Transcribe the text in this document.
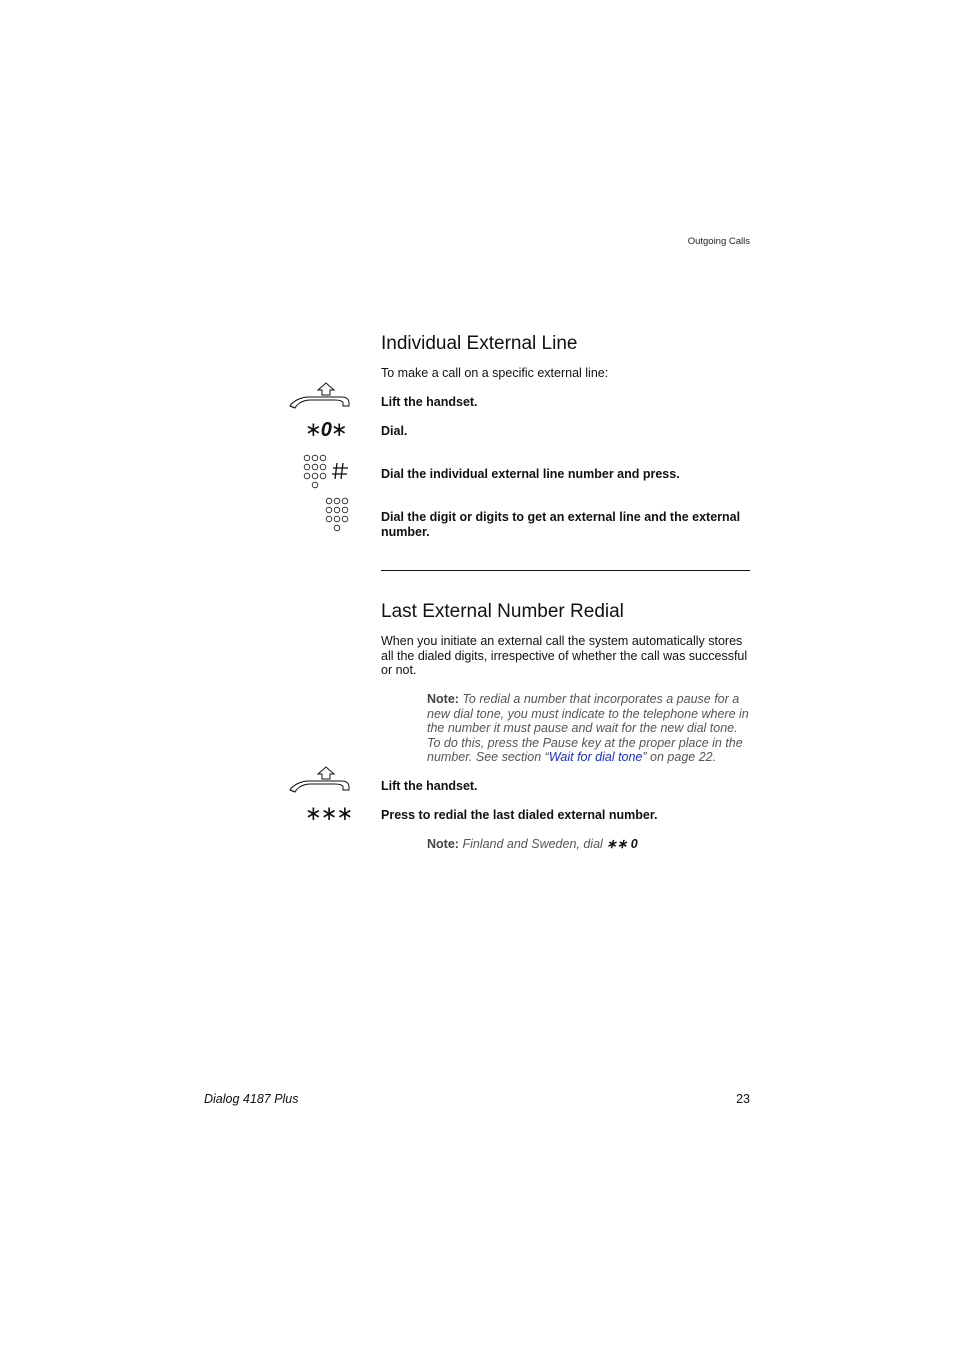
Outgoing Calls
Individual External Line
To make a call on a specific external line:
Lift the handset.
∗0∗	Dial.
Dial the individual external line number and press.
Dial the digit or digits to get an external line and the external number.
Last External Number Redial
When you initiate an external call the system automatically stores all the dialed digits, irrespective of whether the call was successful or not.
Note: To redial a number that incorporates a pause for a new dial tone, you must indicate to the telephone where in the number it must pause and wait for the new dial tone. To do this, press the Pause key at the proper place in the number. See section “Wait for dial tone” on page 22.
Lift the handset.
∗∗∗ Press to redial the last dialed external number.
Note: Finland and Sweden, dial ∗∗ 0
Dialog 4187 Plus	23
